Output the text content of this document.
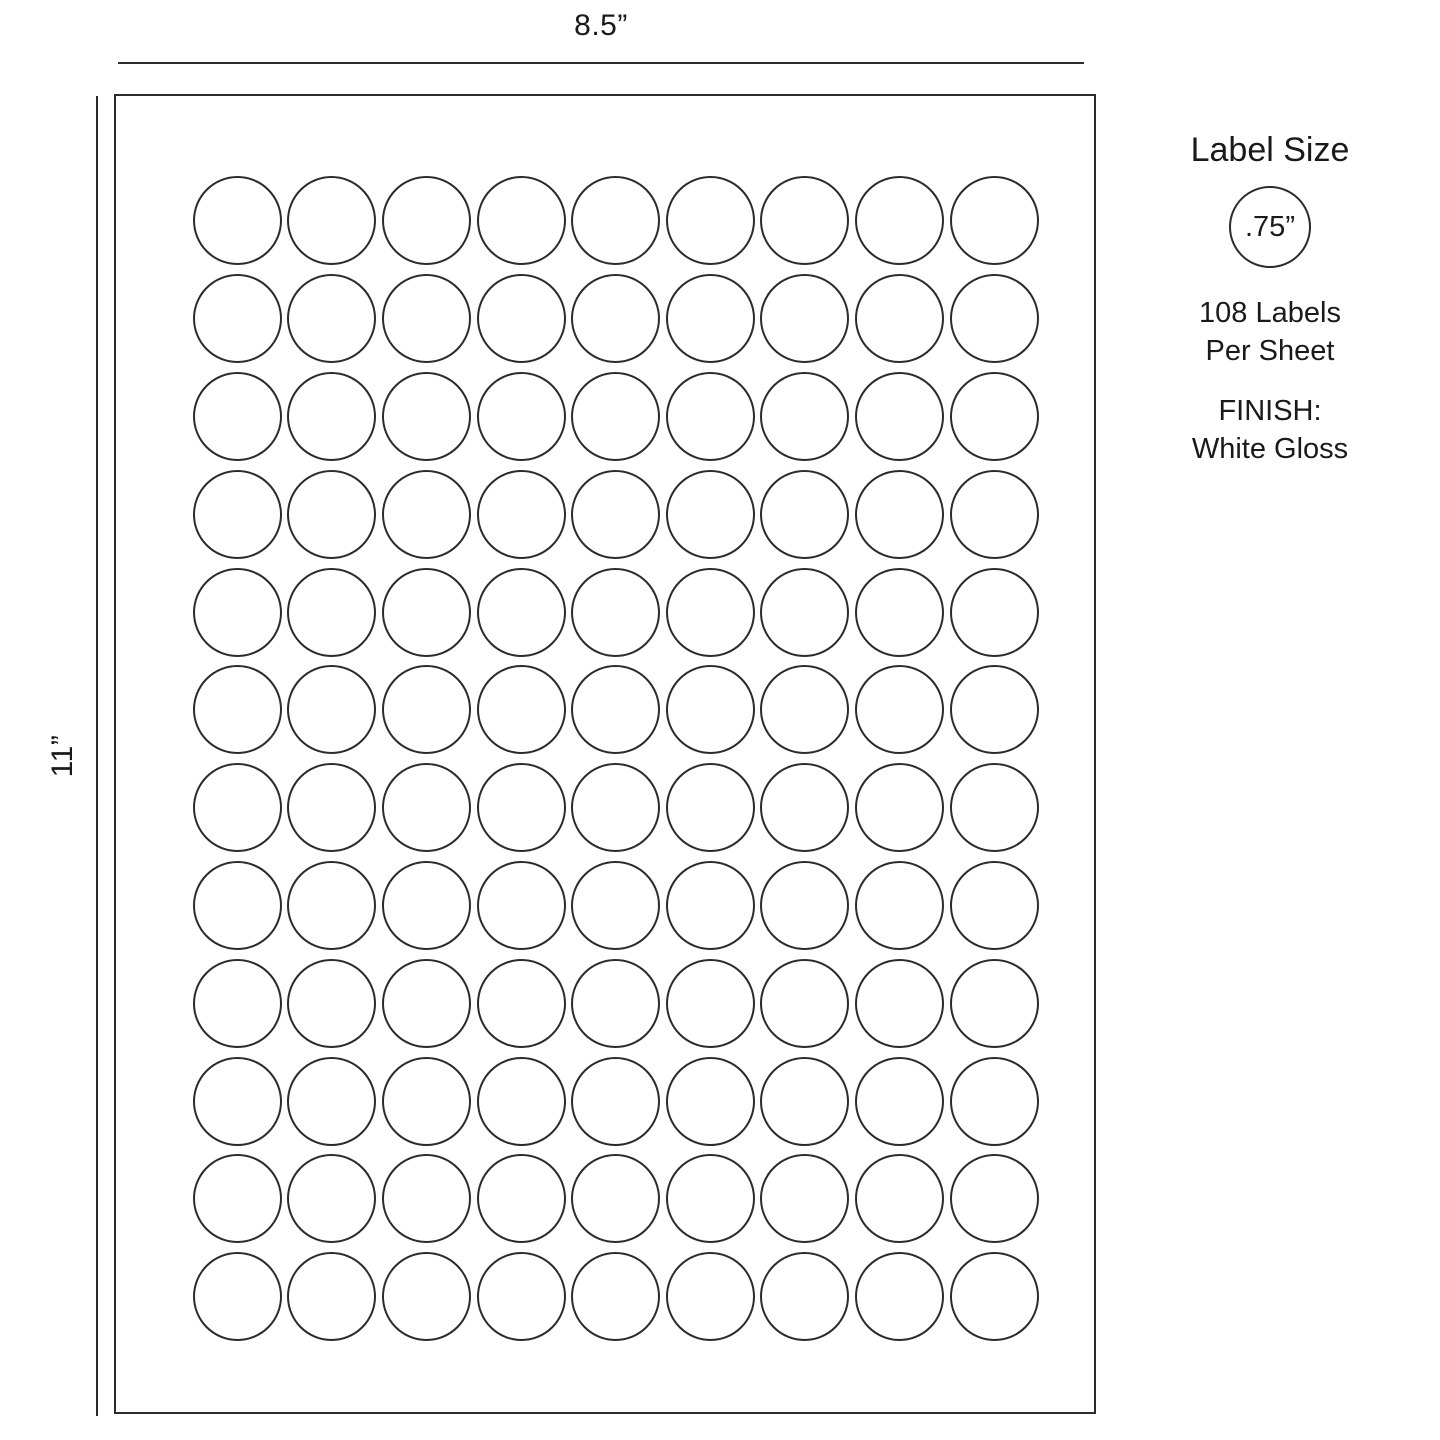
8.5”
11”
Label Size
.75”
108 Labels
Per Sheet
FINISH:
White Gloss
